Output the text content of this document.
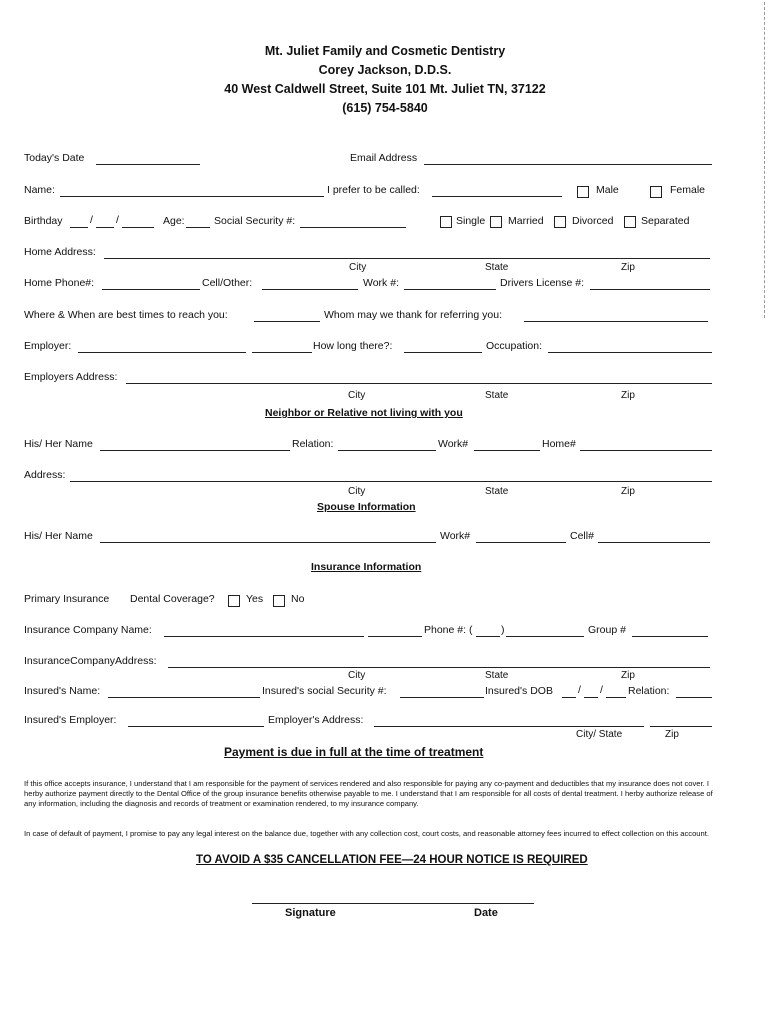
Mt. Juliet Family and Cosmetic Dentistry
Corey Jackson, D.D.S.
40 West Caldwell Street, Suite 101 Mt. Juliet TN, 37122
(615) 754-5840
Today's Date	Email Address
Name:	I prefer to be called:	Male	Female
Birthday	/ /	Age:	Social Security #:	Single Married	Divorced	Separated
Home Address:
City	State	Zip
Home Phone#:	Cell/Other:	Work #:	Drivers License #:
Where & When are best times to reach you:	Whom may we thank for referring you:
Employer:	How long there?:	Occupation:
Employers Address:
City	State	Zip
Neighbor or Relative not living with you
His/ Her Name	Relation:	Work#	Home#
Address:
City	State	Zip
Spouse Information
His/ Her Name	Work#	Cell#
Insurance Information
Primary Insurance Dental Coverage?	Yes	No
Insurance Company Name:	Phone #: (	)	Group #
InsuranceCompanyAddress:
City	State	Zip
Insured's Name:	Insured's social Security #:	Insured's DOB / / Relation:
Insured's Employer:	Employer's Address:
City/ State	Zip
Payment is due in full at the time of treatment
If this office accepts insurance, I understand that I am responsible for the payment of services rendered and also responsible for paying any co-payment and deductibles that my insurance does not cover. I herby authorize payment directly to the Dental Office of the group insurance benefits otherwise payable to me. I understand that I am responsible for all costs of dental treatment. I herby authorize release of any information, including the diagnosis and records of treatment or examination rendered, to my insurance company.
In case of default of payment, I promise to pay any legal interest on the balance due, together with any collection cost, court costs, and reasonable attorney fees incurred to effect collection on this account.
TO AVOID A $35 CANCELLATION FEE—24 HOUR NOTICE IS REQUIRED
Signature	Date
